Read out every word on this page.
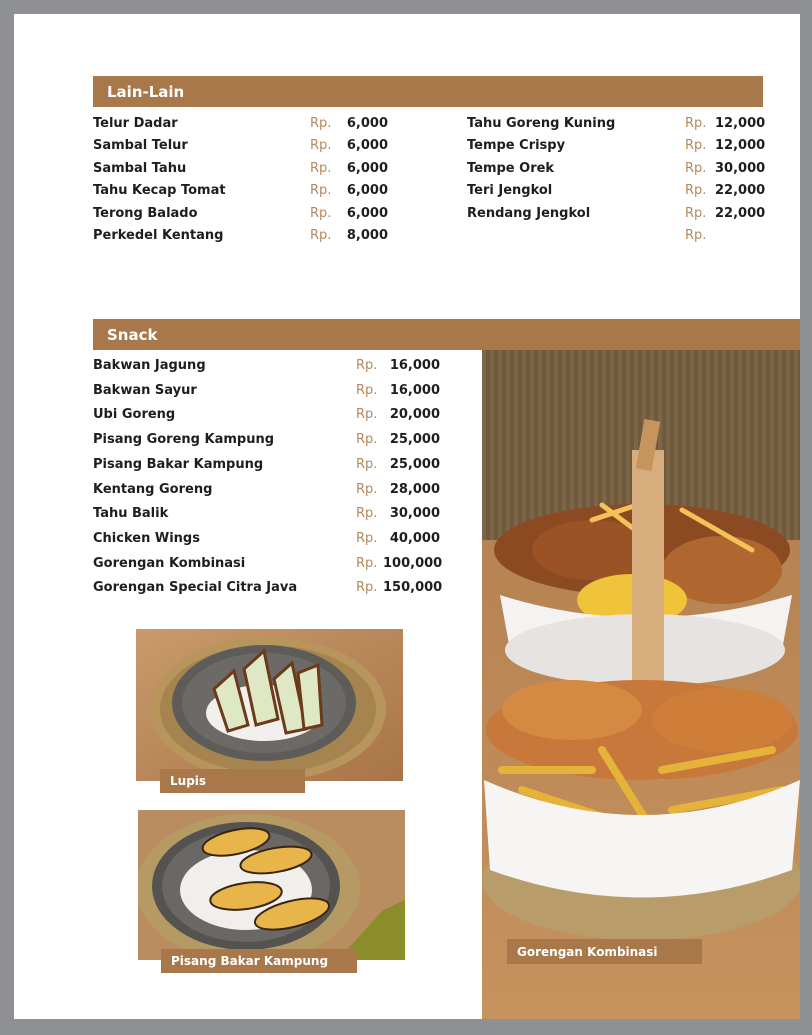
Lain-Lain
Telur Dadar	Rp. 6,000
Sambal Telur	Rp. 6,000
Sambal Tahu	Rp. 6,000
Tahu Kecap Tomat	Rp. 6,000
Terong Balado	Rp. 6,000
Perkedel Kentang	Rp. 8,000
Tahu Goreng Kuning	Rp. 12,000
Tempe Crispy	Rp. 12,000
Tempe Orek	Rp. 30,000
Teri Jengkol	Rp. 22,000
Rendang Jengkol	Rp. 22,000
Rp.
Snack
Bakwan Jagung	Rp. 16,000
Bakwan Sayur	Rp. 16,000
Ubi Goreng	Rp. 20,000
Pisang Goreng Kampung	Rp. 25,000
Pisang Bakar Kampung	Rp. 25,000
Kentang Goreng	Rp. 28,000
Tahu Balik	Rp. 30,000
Chicken Wings	Rp. 40,000
Gorengan Kombinasi	Rp. 100,000
Gorengan Special Citra Java	Rp. 150,000
Lupis
Pisang Bakar Kampung
Gorengan Kombinasi
